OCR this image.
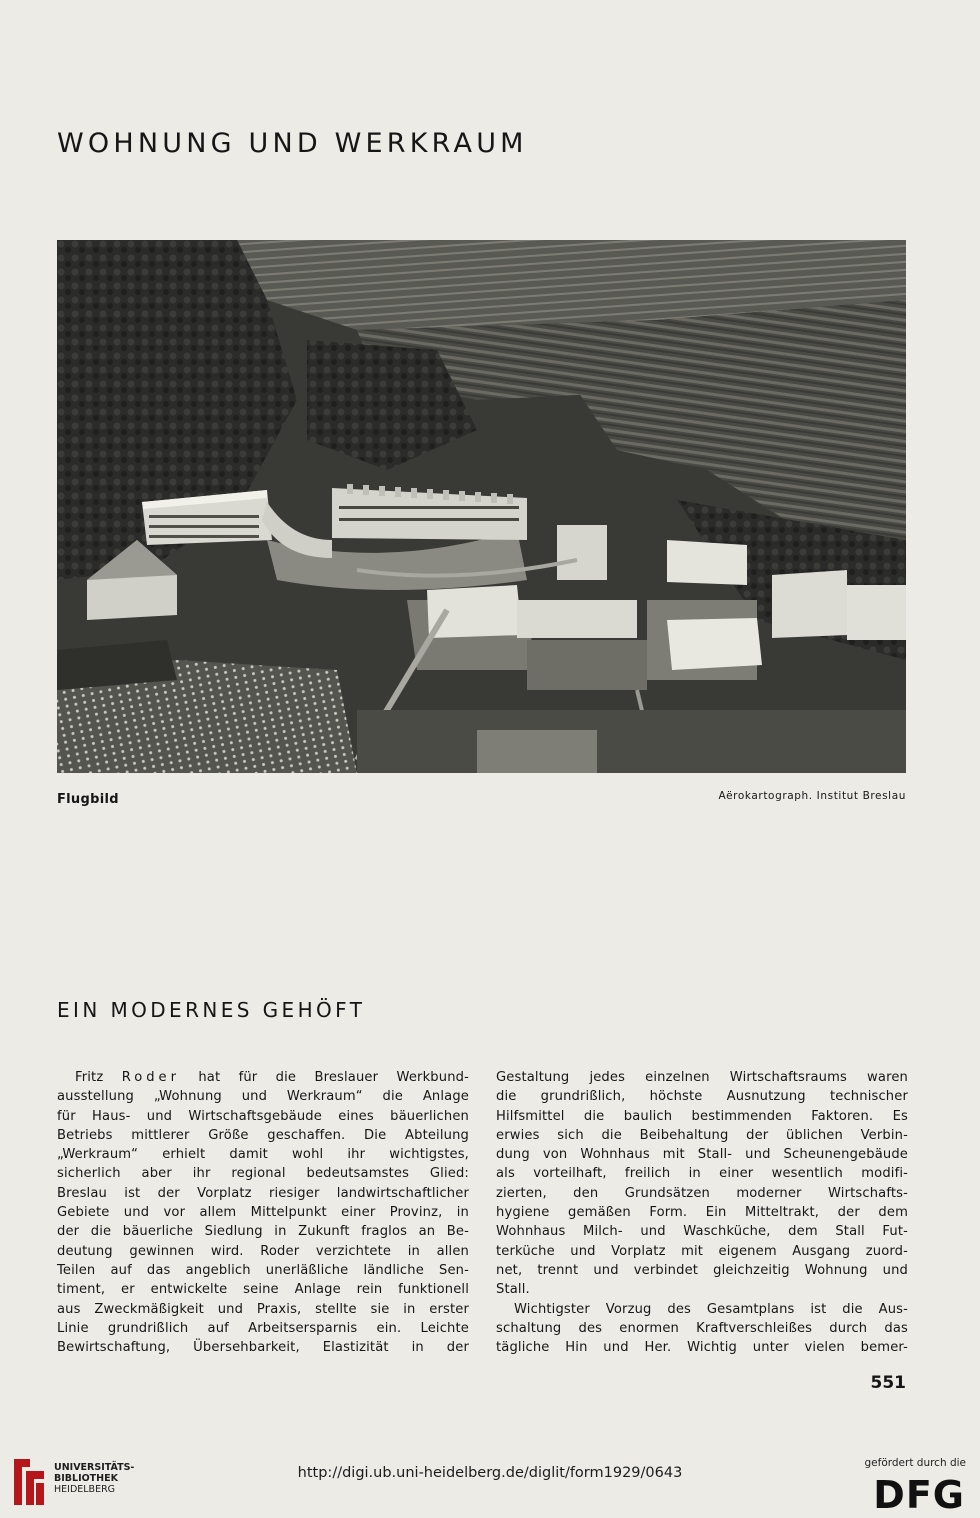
WOHNUNG UND WERKRAUM
Flugbild	Aërokartograph. Institut Breslau
EIN MODERNES GEHÖFT

Fritz Roder hat für die Breslauer Werkbund-

ausstellung „Wohnung und Werkraum“ die Anlage

für Haus- und Wirtschaftsgebäude eines bäuerlichen

Betriebs mittlerer Größe geschaffen. Die Abteilung

„Werkraum“ erhielt damit wohl ihr wichtigstes,

sicherlich aber ihr regional bedeutsamstes Glied:

Breslau ist der Vorplatz riesiger landwirtschaftlicher

Gebiete und vor allem Mittelpunkt einer Provinz, in

der die bäuerliche Siedlung in Zukunft fraglos an Be-

deutung gewinnen wird. Roder verzichtete in allen

Teilen auf das angeblich unerläßliche ländliche Sen-

timent, er entwickelte seine Anlage rein funktionell

aus Zweckmäßigkeit und Praxis, stellte sie in erster

Linie grundrißlich auf Arbeitsersparnis ein. Leichte

Bewirtschaftung, Übersehbarkeit, Elastizität in der

Gestaltung jedes einzelnen Wirtschaftsraums waren

die grundrißlich, höchste Ausnutzung technischer

Hilfsmittel die baulich bestimmenden Faktoren. Es

erwies sich die Beibehaltung der üblichen Verbin-

dung von Wohnhaus mit Stall- und Scheunengebäude

als vorteilhaft, freilich in einer wesentlich modifi-

zierten, den Grundsätzen moderner Wirtschafts-

hygiene gemäßen Form. Ein Mitteltrakt, der dem

Wohnhaus Milch- und Waschküche, dem Stall Fut-

terküche und Vorplatz mit eigenem Ausgang zuord-

net, trennt und verbindet gleichzeitig Wohnung und

Stall.

Wichtigster Vorzug des Gesamtplans ist die Aus-

schaltung des enormen Kraftverschleißes durch das

tägliche Hin und Her. Wichtig unter vielen bemer-

551
UNIVERSITÄTS-
BIBLIOTHEK
HEIDELBERG
http://digi.ub.uni-heidelberg.de/diglit/form1929/0643
gefördert durch die
DFG
